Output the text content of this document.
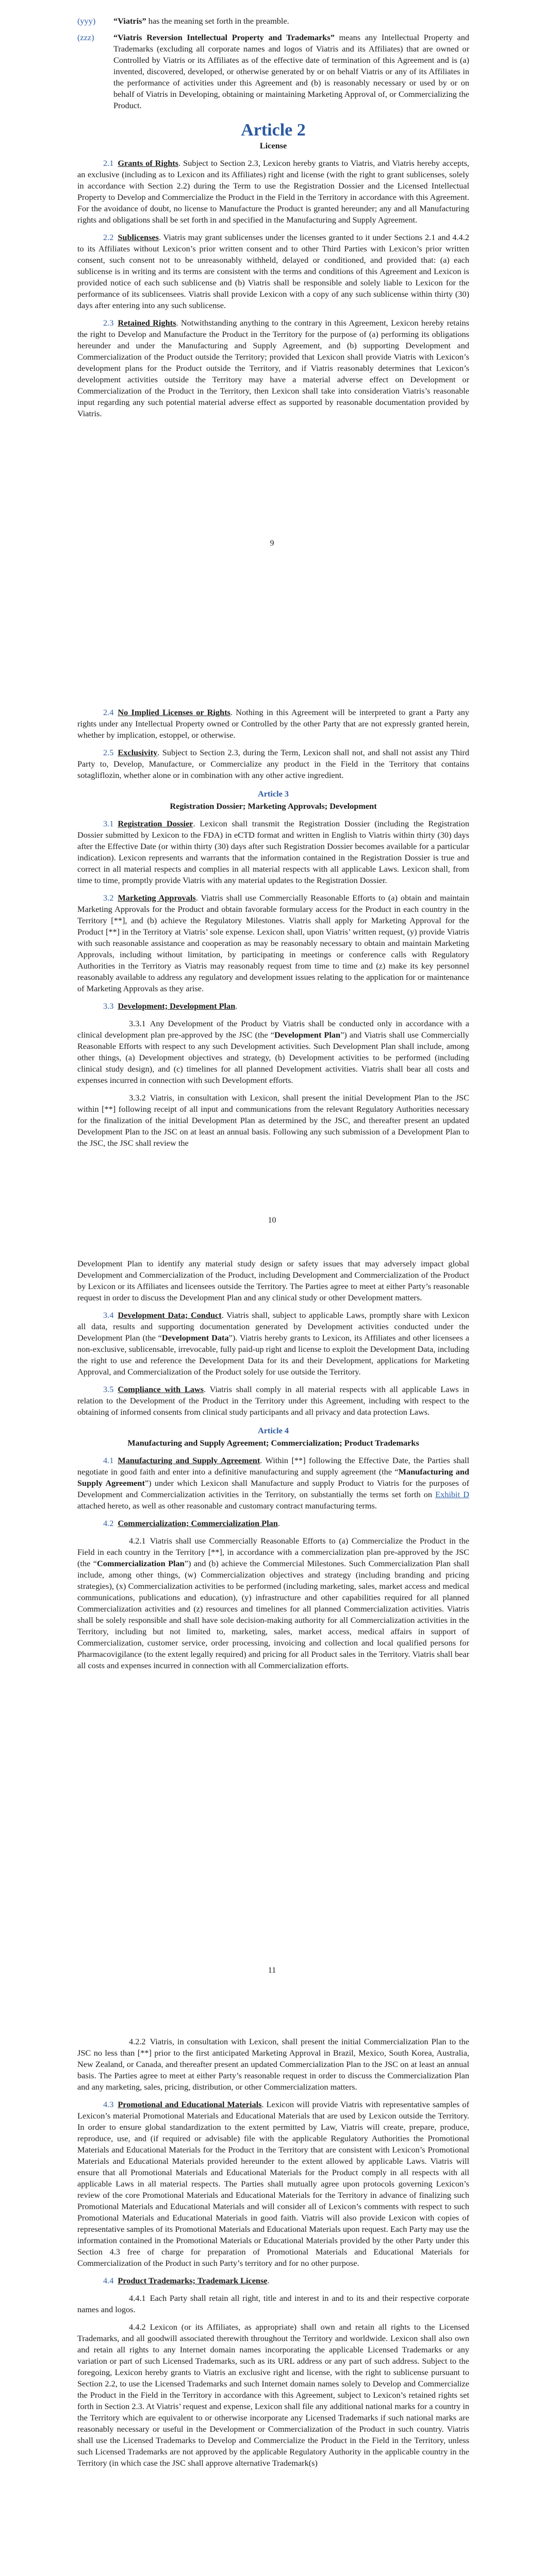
(yyy)	“Viatris” has the meaning set forth in the preamble.
(zzz)	“Viatris Reversion Intellectual Property and Trademarks” means any Intellectual Property and Trademarks (excluding all corporate names and logos of Viatris and its Affiliates) that are owned or Controlled by Viatris or its Affiliates as of the effective date of termination of this Agreement and is (a) invented, discovered, developed, or otherwise generated by or on behalf Viatris or any of its Affiliates in the performance of activities under this Agreement and (b) is reasonably necessary or used by or on behalf of Viatris in Developing, obtaining or maintaining Marketing Approval of, or Commercializing the Product.
Article 2
License

2.1 Grants of Rights. Subject to Section 2.3, Lexicon hereby grants to Viatris, and Viatris hereby accepts, an exclusive (including as to Lexicon and its Affiliates) right and license (with the right to grant sublicenses, solely in accordance with Section 2.2) during the Term to use the Registration Dossier and the Licensed Intellectual Property to Develop and Commercialize the Product in the Field in the Territory in accordance with this Agreement. For the avoidance of doubt, no license to Manufacture the Product is granted hereunder; any and all Manufacturing rights and obligations shall be set forth in and specified in the Manufacturing and Supply Agreement.

2.2 Sublicenses. Viatris may grant sublicenses under the licenses granted to it under Sections 2.1 and 4.4.2 to its Affiliates without Lexicon’s prior written consent and to other Third Parties with Lexicon’s prior written consent, such consent not to be unreasonably withheld, delayed or conditioned, and provided that: (a) each sublicense is in writing and its terms are consistent with the terms and conditions of this Agreement and Lexicon is provided notice of each such sublicense and (b) Viatris shall be responsible and solely liable to Lexicon for the performance of its sublicensees. Viatris shall provide Lexicon with a copy of any such sublicense within thirty (30) days after entering into any such sublicense.

2.3 Retained Rights. Notwithstanding anything to the contrary in this Agreement, Lexicon hereby retains the right to Develop and Manufacture the Product in the Territory for the purpose of (a) performing its obligations hereunder and under the Manufacturing and Supply Agreement, and (b) supporting Development and Commercialization of the Product outside the Territory; provided that Lexicon shall provide Viatris with Lexicon’s development plans for the Product outside the Territory, and if Viatris reasonably determines that Lexicon’s development activities outside the Territory may have a material adverse effect on Development or Commercialization of the Product in the Territory, then Lexicon shall take into consideration Viatris’s reasonable input regarding any such potential material adverse effect as supported by reasonable documentation provided by Viatris.

9

2.4 No Implied Licenses or Rights. Nothing in this Agreement will be interpreted to grant a Party any rights under any Intellectual Property owned or Controlled by the other Party that are not expressly granted herein, whether by implication, estoppel, or otherwise.

2.5 Exclusivity. Subject to Section 2.3, during the Term, Lexicon shall not, and shall not assist any Third Party to, Develop, Manufacture, or Commercialize any product in the Field in the Territory that contains sotagliflozin, whether alone or in combination with any other active ingredient.

Article 3
Registration Dossier; Marketing Approvals; Development

3.1 Registration Dossier. Lexicon shall transmit the Registration Dossier (including the Registration Dossier submitted by Lexicon to the FDA) in eCTD format and written in English to Viatris within thirty (30) days after the Effective Date (or within thirty (30) days after such Registration Dossier becomes available for a particular indication). Lexicon represents and warrants that the information contained in the Registration Dossier is true and correct in all material respects and complies in all material respects with all applicable Laws. Lexicon shall, from time to time, promptly provide Viatris with any material updates to the Registration Dossier.

3.2 Marketing Approvals. Viatris shall use Commercially Reasonable Efforts to (a) obtain and maintain Marketing Approvals for the Product and obtain favorable formulary access for the Product in each country in the Territory [**], and (b) achieve the Regulatory Milestones. Viatris shall apply for Marketing Approval for the Product [**] in the Territory at Viatris’ sole expense. Lexicon shall, upon Viatris’ written request, (y) provide Viatris with such reasonable assistance and cooperation as may be reasonably necessary to obtain and maintain Marketing Approvals, including without limitation, by participating in meetings or conference calls with Regulatory Authorities in the Territory as Viatris may reasonably request from time to time and (z) make its key personnel reasonably available to address any regulatory and development issues relating to the application for or maintenance of Marketing Approvals as they arise.

3.3 Development; Development Plan.

3.3.1 Any Development of the Product by Viatris shall be conducted only in accordance with a clinical development plan pre-approved by the JSC (the “Development Plan”) and Viatris shall use Commercially Reasonable Efforts with respect to any such Development activities. Such Development Plan shall include, among other things, (a) Development objectives and strategy, (b) Development activities to be performed (including clinical study design), and (c) timelines for all planned Development activities. Viatris shall bear all costs and expenses incurred in connection with such Development efforts.

3.3.2 Viatris, in consultation with Lexicon, shall present the initial Development Plan to the JSC within [**] following receipt of all input and communications from the relevant Regulatory Authorities necessary for the finalization of the initial Development Plan as determined by the JSC, and thereafter present an updated Development Plan to the JSC on at least an annual basis. Following any such submission of a Development Plan to the JSC, the JSC shall review the

10

Development Plan to identify any material study design or safety issues that may adversely impact global Development and Commercialization of the Product, including Development and Commercialization of the Product by Lexicon or its Affiliates and licensees outside the Territory. The Parties agree to meet at either Party’s reasonable request in order to discuss the Development Plan and any clinical study or other Development matters.

3.4 Development Data; Conduct. Viatris shall, subject to applicable Laws, promptly share with Lexicon all data, results and supporting documentation generated by Development activities conducted under the Development Plan (the “Development Data”). Viatris hereby grants to Lexicon, its Affiliates and other licensees a non-exclusive, sublicensable, irrevocable, fully paid-up right and license to exploit the Development Data, including the right to use and reference the Development Data for its and their Development, applications for Marketing Approval, and Commercialization of the Product solely for use outside the Territory.

3.5 Compliance with Laws. Viatris shall comply in all material respects with all applicable Laws in relation to the Development of the Product in the Territory under this Agreement, including with respect to the obtaining of informed consents from clinical study participants and all privacy and data protection Laws.

Article 4
Manufacturing and Supply Agreement; Commercialization; Product Trademarks

4.1 Manufacturing and Supply Agreement. Within [**] following the Effective Date, the Parties shall negotiate in good faith and enter into a definitive manufacturing and supply agreement (the “Manufacturing and Supply Agreement”) under which Lexicon shall Manufacture and supply Product to Viatris for the purposes of Development and Commercialization activities in the Territory, on substantially the terms set forth on Exhibit D attached hereto, as well as other reasonable and customary contract manufacturing terms.

4.2 Commercialization; Commercialization Plan.

4.2.1 Viatris shall use Commercially Reasonable Efforts to (a) Commercialize the Product in the Field in each country in the Territory [**], in accordance with a commercialization plan pre-approved by the JSC (the “Commercialization Plan”) and (b) achieve the Commercial Milestones. Such Commercialization Plan shall include, among other things, (w) Commercialization objectives and strategy (including branding and pricing strategies), (x) Commercialization activities to be performed (including marketing, sales, market access and medical communications, publications and education), (y) infrastructure and other capabilities required for all planned Commercialization activities and (z) resources and timelines for all planned Commercialization activities. Viatris shall be solely responsible and shall have sole decision-making authority for all Commercialization activities in the Territory, including but not limited to, marketing, sales, market access, medical affairs in support of Commercialization, customer service, order processing, invoicing and collection and local qualified persons for Pharmacovigilance (to the extent legally required) and pricing for all Product sales in the Territory. Viatris shall bear all costs and expenses incurred in connection with all Commercialization efforts.

11

4.2.2 Viatris, in consultation with Lexicon, shall present the initial Commercialization Plan to the JSC no less than [**] prior to the first anticipated Marketing Approval in Brazil, Mexico, South Korea, Australia, New Zealand, or Canada, and thereafter present an updated Commercialization Plan to the JSC on at least an annual basis. The Parties agree to meet at either Party’s reasonable request in order to discuss the Commercialization Plan and any marketing, sales, pricing, distribution, or other Commercialization matters.

4.3 Promotional and Educational Materials. Lexicon will provide Viatris with representative samples of Lexicon’s material Promotional Materials and Educational Materials that are used by Lexicon outside the Territory. In order to ensure global standardization to the extent permitted by Law, Viatris will create, prepare, produce, reproduce, use, and (if required or advisable) file with the applicable Regulatory Authorities the Promotional Materials and Educational Materials for the Product in the Territory that are consistent with Lexicon’s Promotional Materials and Educational Materials provided hereunder to the extent allowed by applicable Laws. Viatris will ensure that all Promotional Materials and Educational Materials for the Product comply in all respects with all applicable Laws in all material respects. The Parties shall mutually agree upon protocols governing Lexicon’s review of the core Promotional Materials and Educational Materials for the Territory in advance of finalizing such Promotional Materials and Educational Materials and will consider all of Lexicon’s comments with respect to such Promotional Materials and Educational Materials in good faith. Viatris will also provide Lexicon with copies of representative samples of its Promotional Materials and Educational Materials upon request. Each Party may use the information contained in the Promotional Materials or Educational Materials provided by the other Party under this Section 4.3 free of charge for preparation of Promotional Materials and Educational Materials for Commercialization of the Product in such Party’s territory and for no other purpose.

4.4 Product Trademarks; Trademark License.

4.4.1 Each Party shall retain all right, title and interest in and to its and their respective corporate names and logos.

4.4.2 Lexicon (or its Affiliates, as appropriate) shall own and retain all rights to the Licensed Trademarks, and all goodwill associated therewith throughout the Territory and worldwide. Lexicon shall also own and retain all rights to any Internet domain names incorporating the applicable Licensed Trademarks or any variation or part of such Licensed Trademarks, such as its URL address or any part of such address. Subject to the foregoing, Lexicon hereby grants to Viatris an exclusive right and license, with the right to sublicense pursuant to Section 2.2, to use the Licensed Trademarks and such Internet domain names solely to Develop and Commercialize the Product in the Field in the Territory in accordance with this Agreement, subject to Lexicon’s retained rights set forth in Section 2.3. At Viatris’ request and expense, Lexicon shall file any additional national marks for a country in the Territory which are equivalent to or otherwise incorporate any Licensed Trademarks if such national marks are reasonably necessary or useful in the Development or Commercialization of the Product in such country. Viatris shall use the Licensed Trademarks to Develop and Commercialize the Product in the Field in the Territory, unless such Licensed Trademarks are not approved by the applicable Regulatory Authority in the applicable country in the Territory (in which case the JSC shall approve alternative Trademark(s)
